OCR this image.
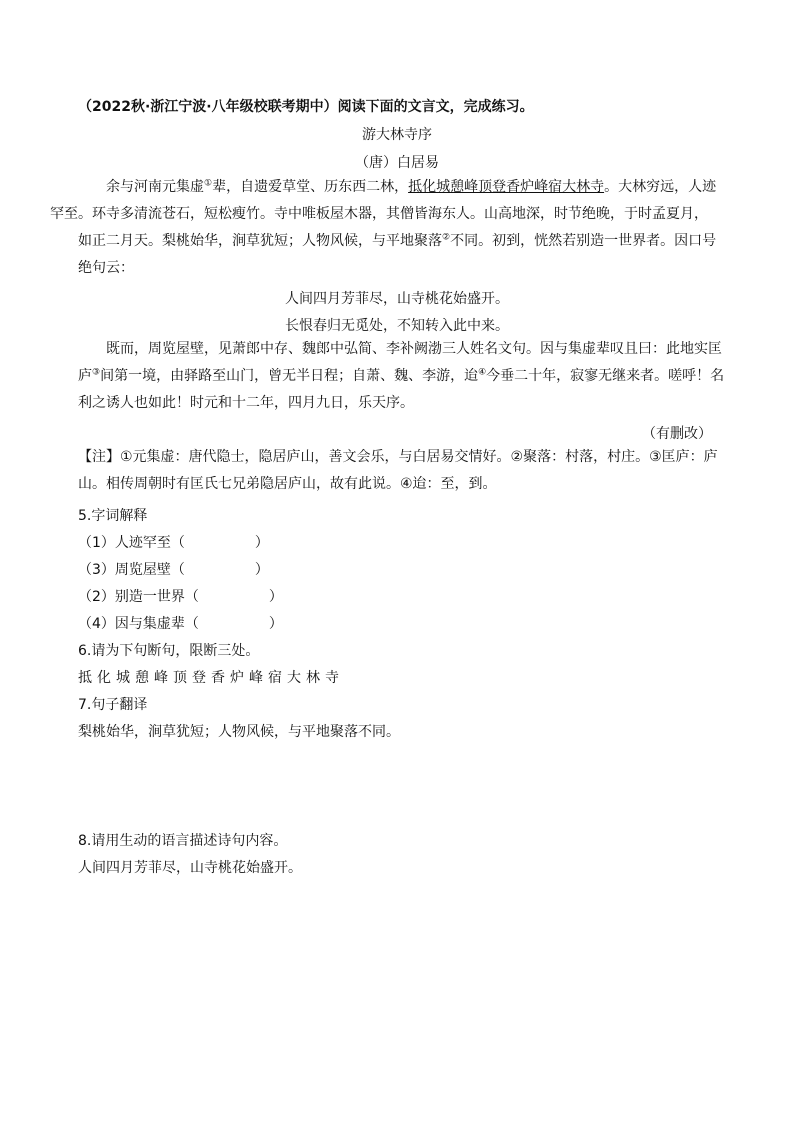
（2022秋·浙江宁波·八年级校联考期中）阅读下面的文言文，完成练习。
游大林寺序
（唐）白居易
余与河南元集虚①辈，自遗爱草堂、历东西二林，抵化城憩峰顶登香炉峰宿大林寺。大林穷远，人迹
罕至。环寺多清流苍石，短松瘦竹。寺中唯板屋木器，其僧皆海东人。山高地深，时节绝晚，于时孟夏月，
如正二月天。梨桃始华，涧草犹短；人物风候，与平地聚落②不同。初到，恍然若别造一世界者。因口号
绝句云：
人间四月芳菲尽，山寺桃花始盛开。
长恨春归无觅处，不知转入此中来。
既而，周览屋壁，见萧郎中存、魏郎中弘简、李补阙渤三人姓名文句。因与集虚辈叹且曰：此地实匡
庐③间第一境，由驿路至山门，曾无半日程；自萧、魏、李游，迨④今垂二十年，寂寥无继来者。嗟呼！名
利之诱人也如此！时元和十二年，四月九日，乐天序。
（有删改）
【注】①元集虚：唐代隐士，隐居庐山，善文会乐，与白居易交情好。②聚落：村落，村庄。③匡庐：庐
山。相传周朝时有匡氏七兄弟隐居庐山，故有此说。④迨：至，到。
5.字词解释
（1）人迹罕至（　　　　　）
（3）周览屋壁（　　　　　）
（2）别造一世界（　　　　　）
（4）因与集虚辈（　　　　　）
6.请为下句断句，限断三处。
抵化城憩峰顶登香炉峰宿大林寺
7.句子翻译
梨桃始华，涧草犹短；人物风候，与平地聚落不同。
8.请用生动的语言描述诗句内容。
人间四月芳菲尽，山寺桃花始盛开。
